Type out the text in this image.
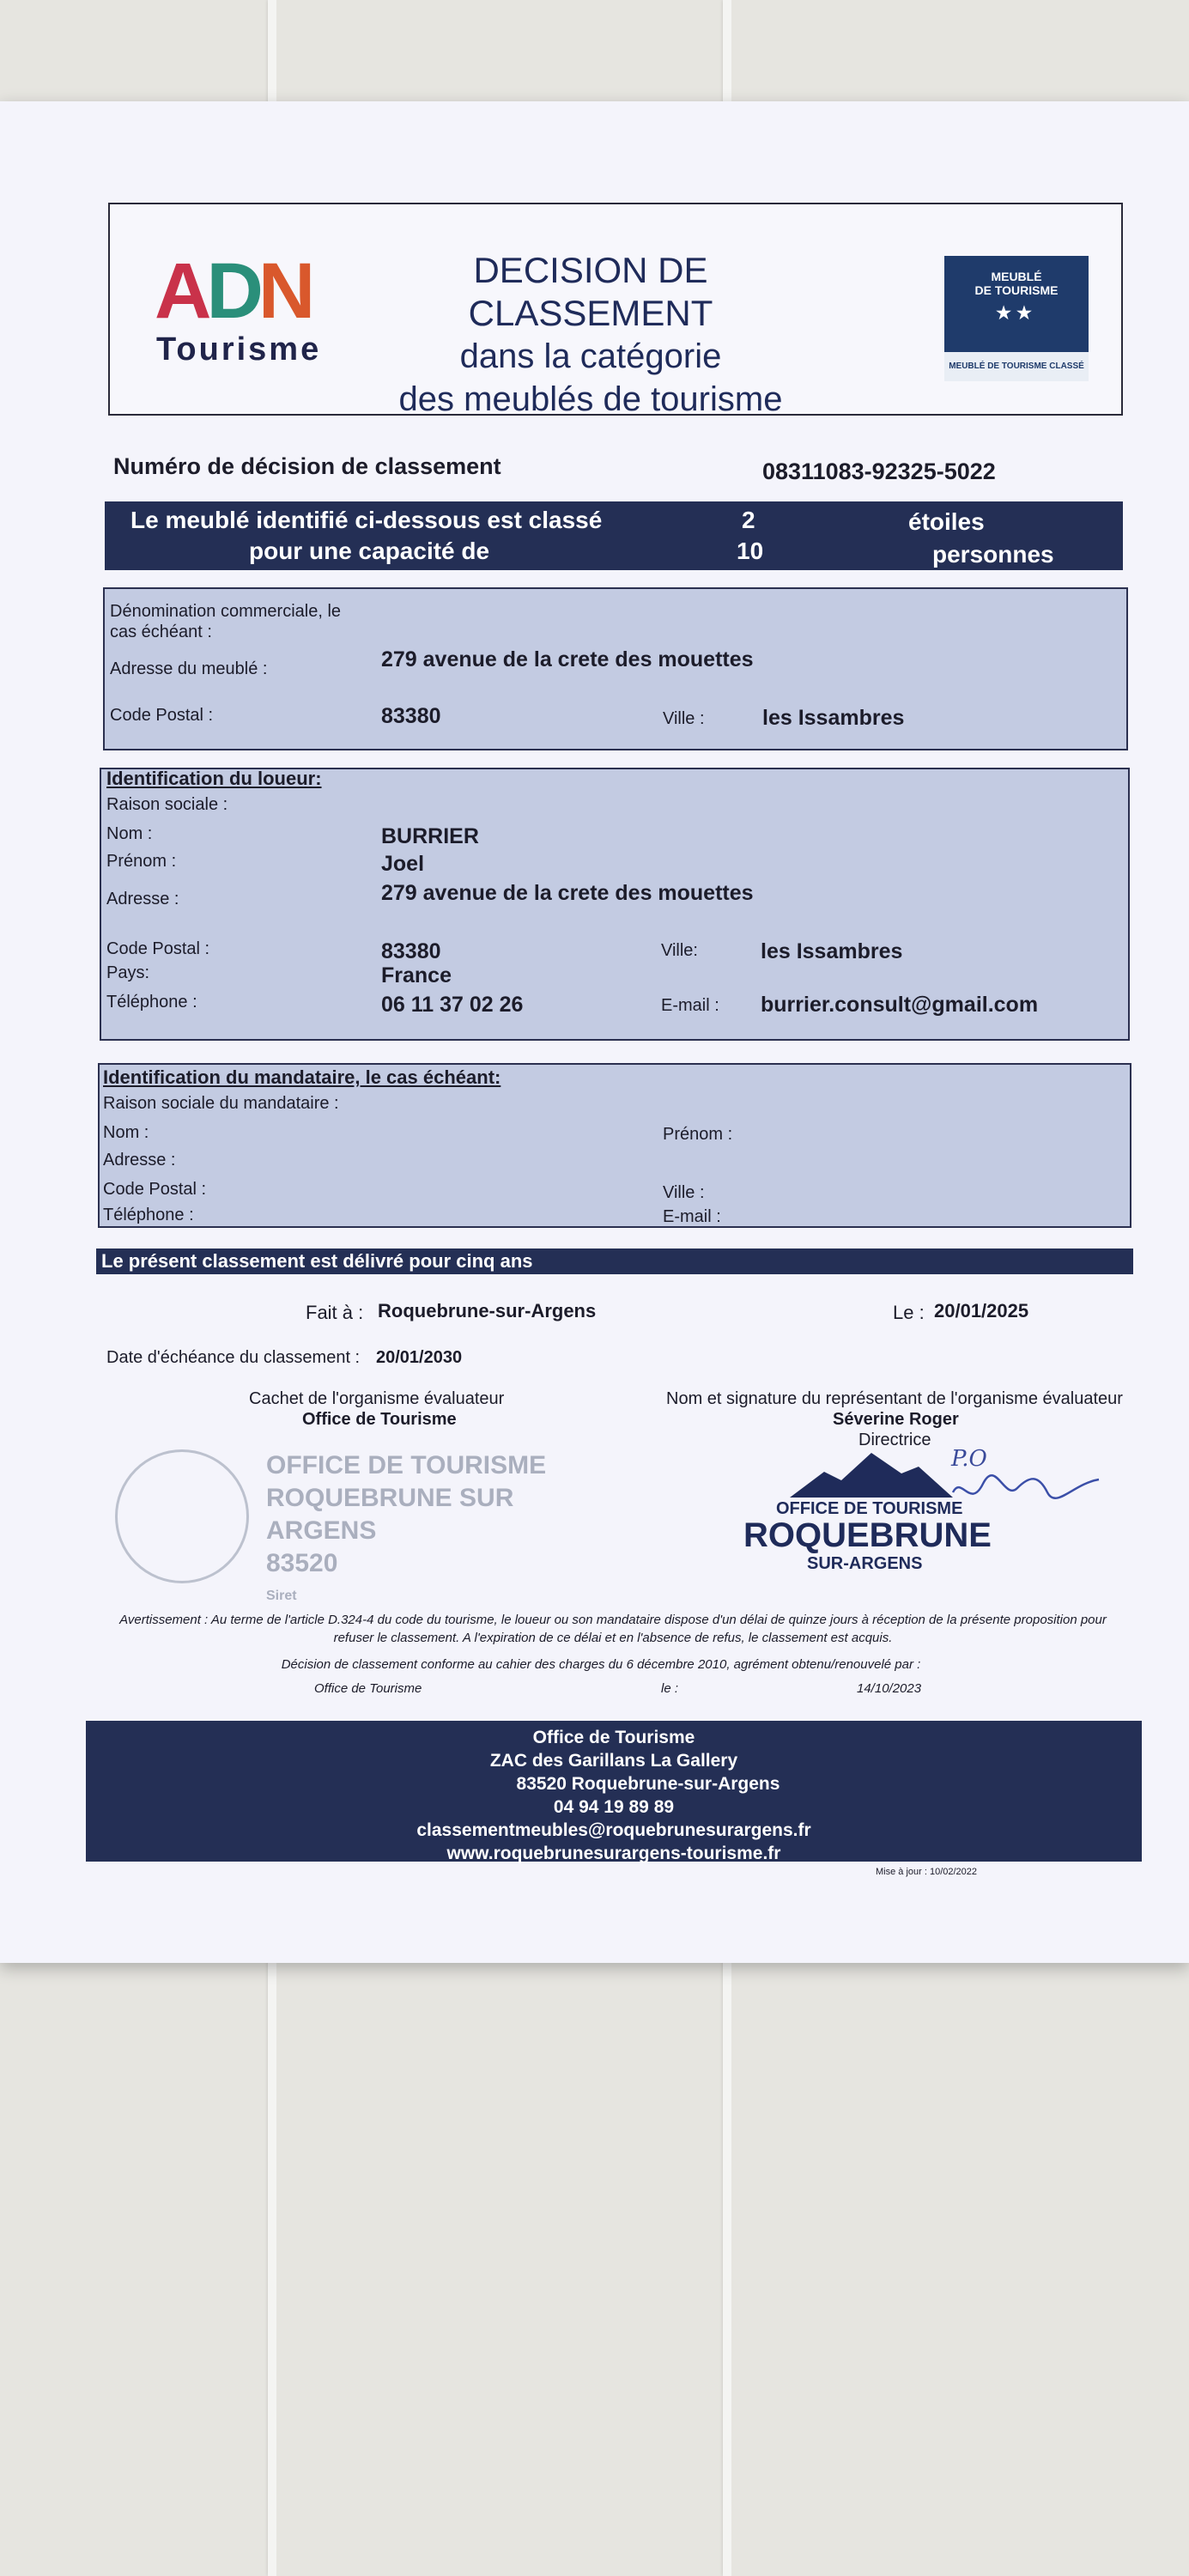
ADN
Tourisme
DECISION DE CLASSEMENT
dans la catégorie
des meublés de tourisme
MEUBLÉ
DE TOURISME
★★
MEUBLÉ DE TOURISME CLASSÉ
Numéro de décision de classement	08311083-92325-5022
Le meublé identifié ci-dessous est classé
pour une capacité de
2	étoiles
10	personnes
Dénomination commerciale, le cas échéant :
Adresse du meublé :	279 avenue de la crete des mouettes
Code Postal :	83380	Ville :	les Issambres
Identification du loueur:
Raison sociale :
Nom :	BURRIER
Prénom :	Joel
Adresse :	279 avenue de la crete des mouettes
Code Postal :	83380	Ville:	les Issambres
Pays:	France
Téléphone :	06 11 37 02 26	E-mail : burrier.consult@gmail.com
Identification du mandataire, le cas échéant:
Raison sociale du mandataire :
Nom :	Prénom :
Adresse :
Code Postal :	Ville :
Téléphone :	E-mail :
Le présent classement est délivré pour cinq ans
Fait à : Roquebrune-sur-Argens	Le : 20/01/2025
Date d'échéance du classement : 20/01/2030
Cachet de l'organisme évaluateur
Office de Tourisme
OFFICE DE TOURISME
ROQUEBRUNE SUR ARGENS
83520
Siret
Nom et signature du représentant de l'organisme évaluateur
Séverine Roger
Directrice
P.O
OFFICE DE TOURISME
ROQUEBRUNE
SUR-ARGENS
Avertissement : Au terme de l'article D.324-4 du code du tourisme, le loueur ou son mandataire dispose d'un délai de quinze jours à réception de la présente proposition pour refuser le classement. A l'expiration de ce délai et en l'absence de refus, le classement est acquis.
Décision de classement conforme au cahier des charges du 6 décembre 2010, agrément obtenu/renouvelé par :
Office de Tourisme	le :	14/10/2023
Office de Tourisme
ZAC des Garillans La Gallery
83520 Roquebrune-sur-Argens
04 94 19 89 89
classementmeubles@roquebrunesurargens.fr
www.roquebrunesurargens-tourisme.fr
Mise à jour : 10/02/2022
